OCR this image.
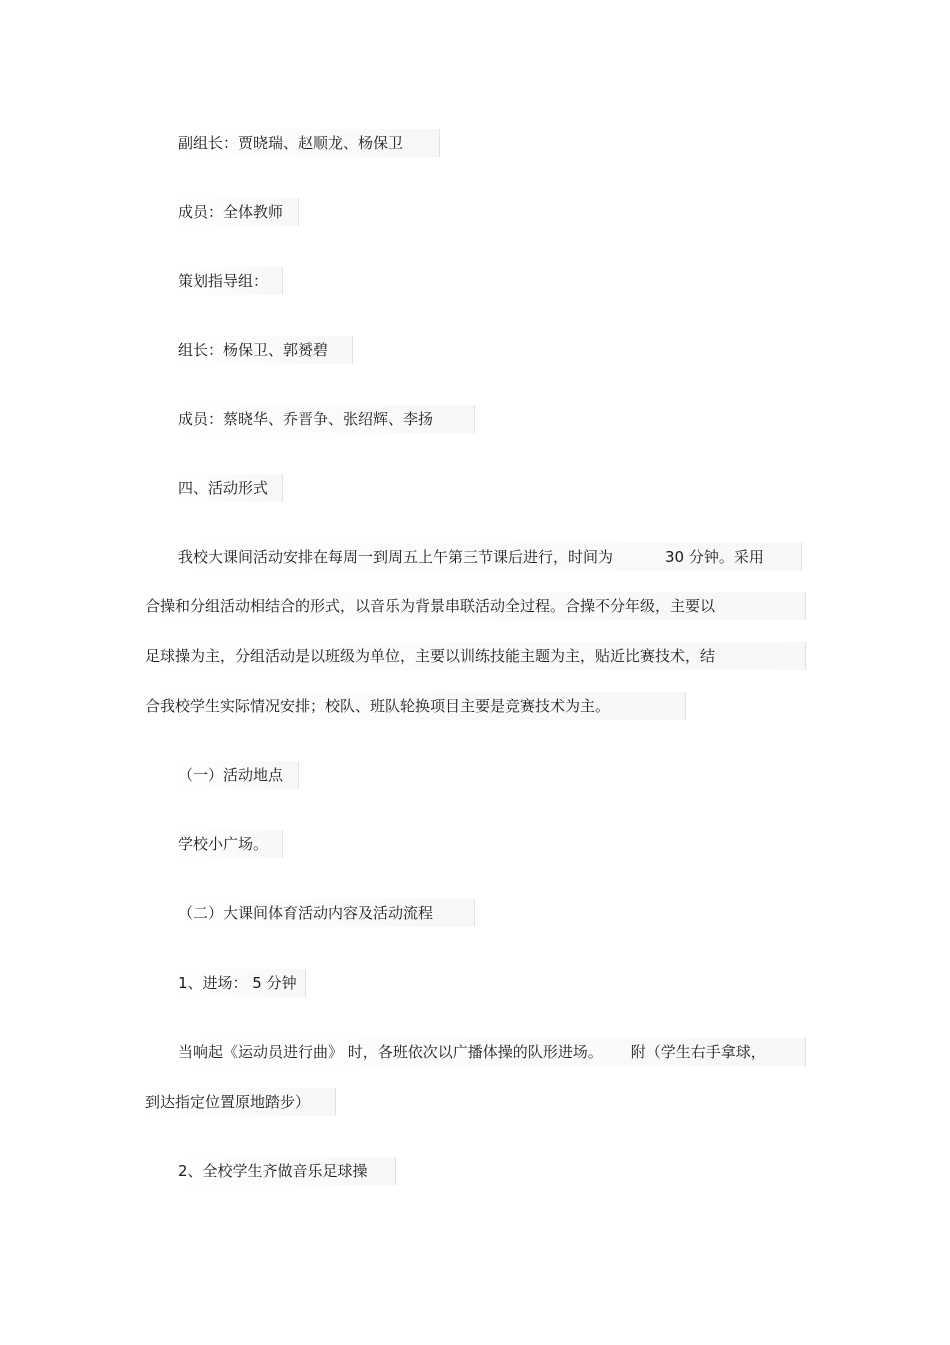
副组长：贾晓瑞、赵顺龙、杨保卫
成员：全体教师
策划指导组：
组长：杨保卫、郭赟碧
成员：蔡晓华、乔晋争、张绍辉、李扬
四、活动形式
我校大课间活动安排在每周一到周五上午第三节课后进行，时间为	30 分钟。采用
合操和分组活动相结合的形式，以音乐为背景串联活动全过程。合操不分年级，主要以
足球操为主，分组活动是以班级为单位，主要以训练技能主题为主，贴近比赛技术，结
合我校学生实际情况安排；校队、班队轮换项目主要是竞赛技术为主。
（一）活动地点
学校小广场。
（二）大课间体育活动内容及活动流程
1、进场： 5 分钟
当响起《运动员进行曲》 时，各班依次以广播体操的队形进场。 附（学生右手拿球，
到达指定位置原地踏步）
2、全校学生齐做音乐足球操
